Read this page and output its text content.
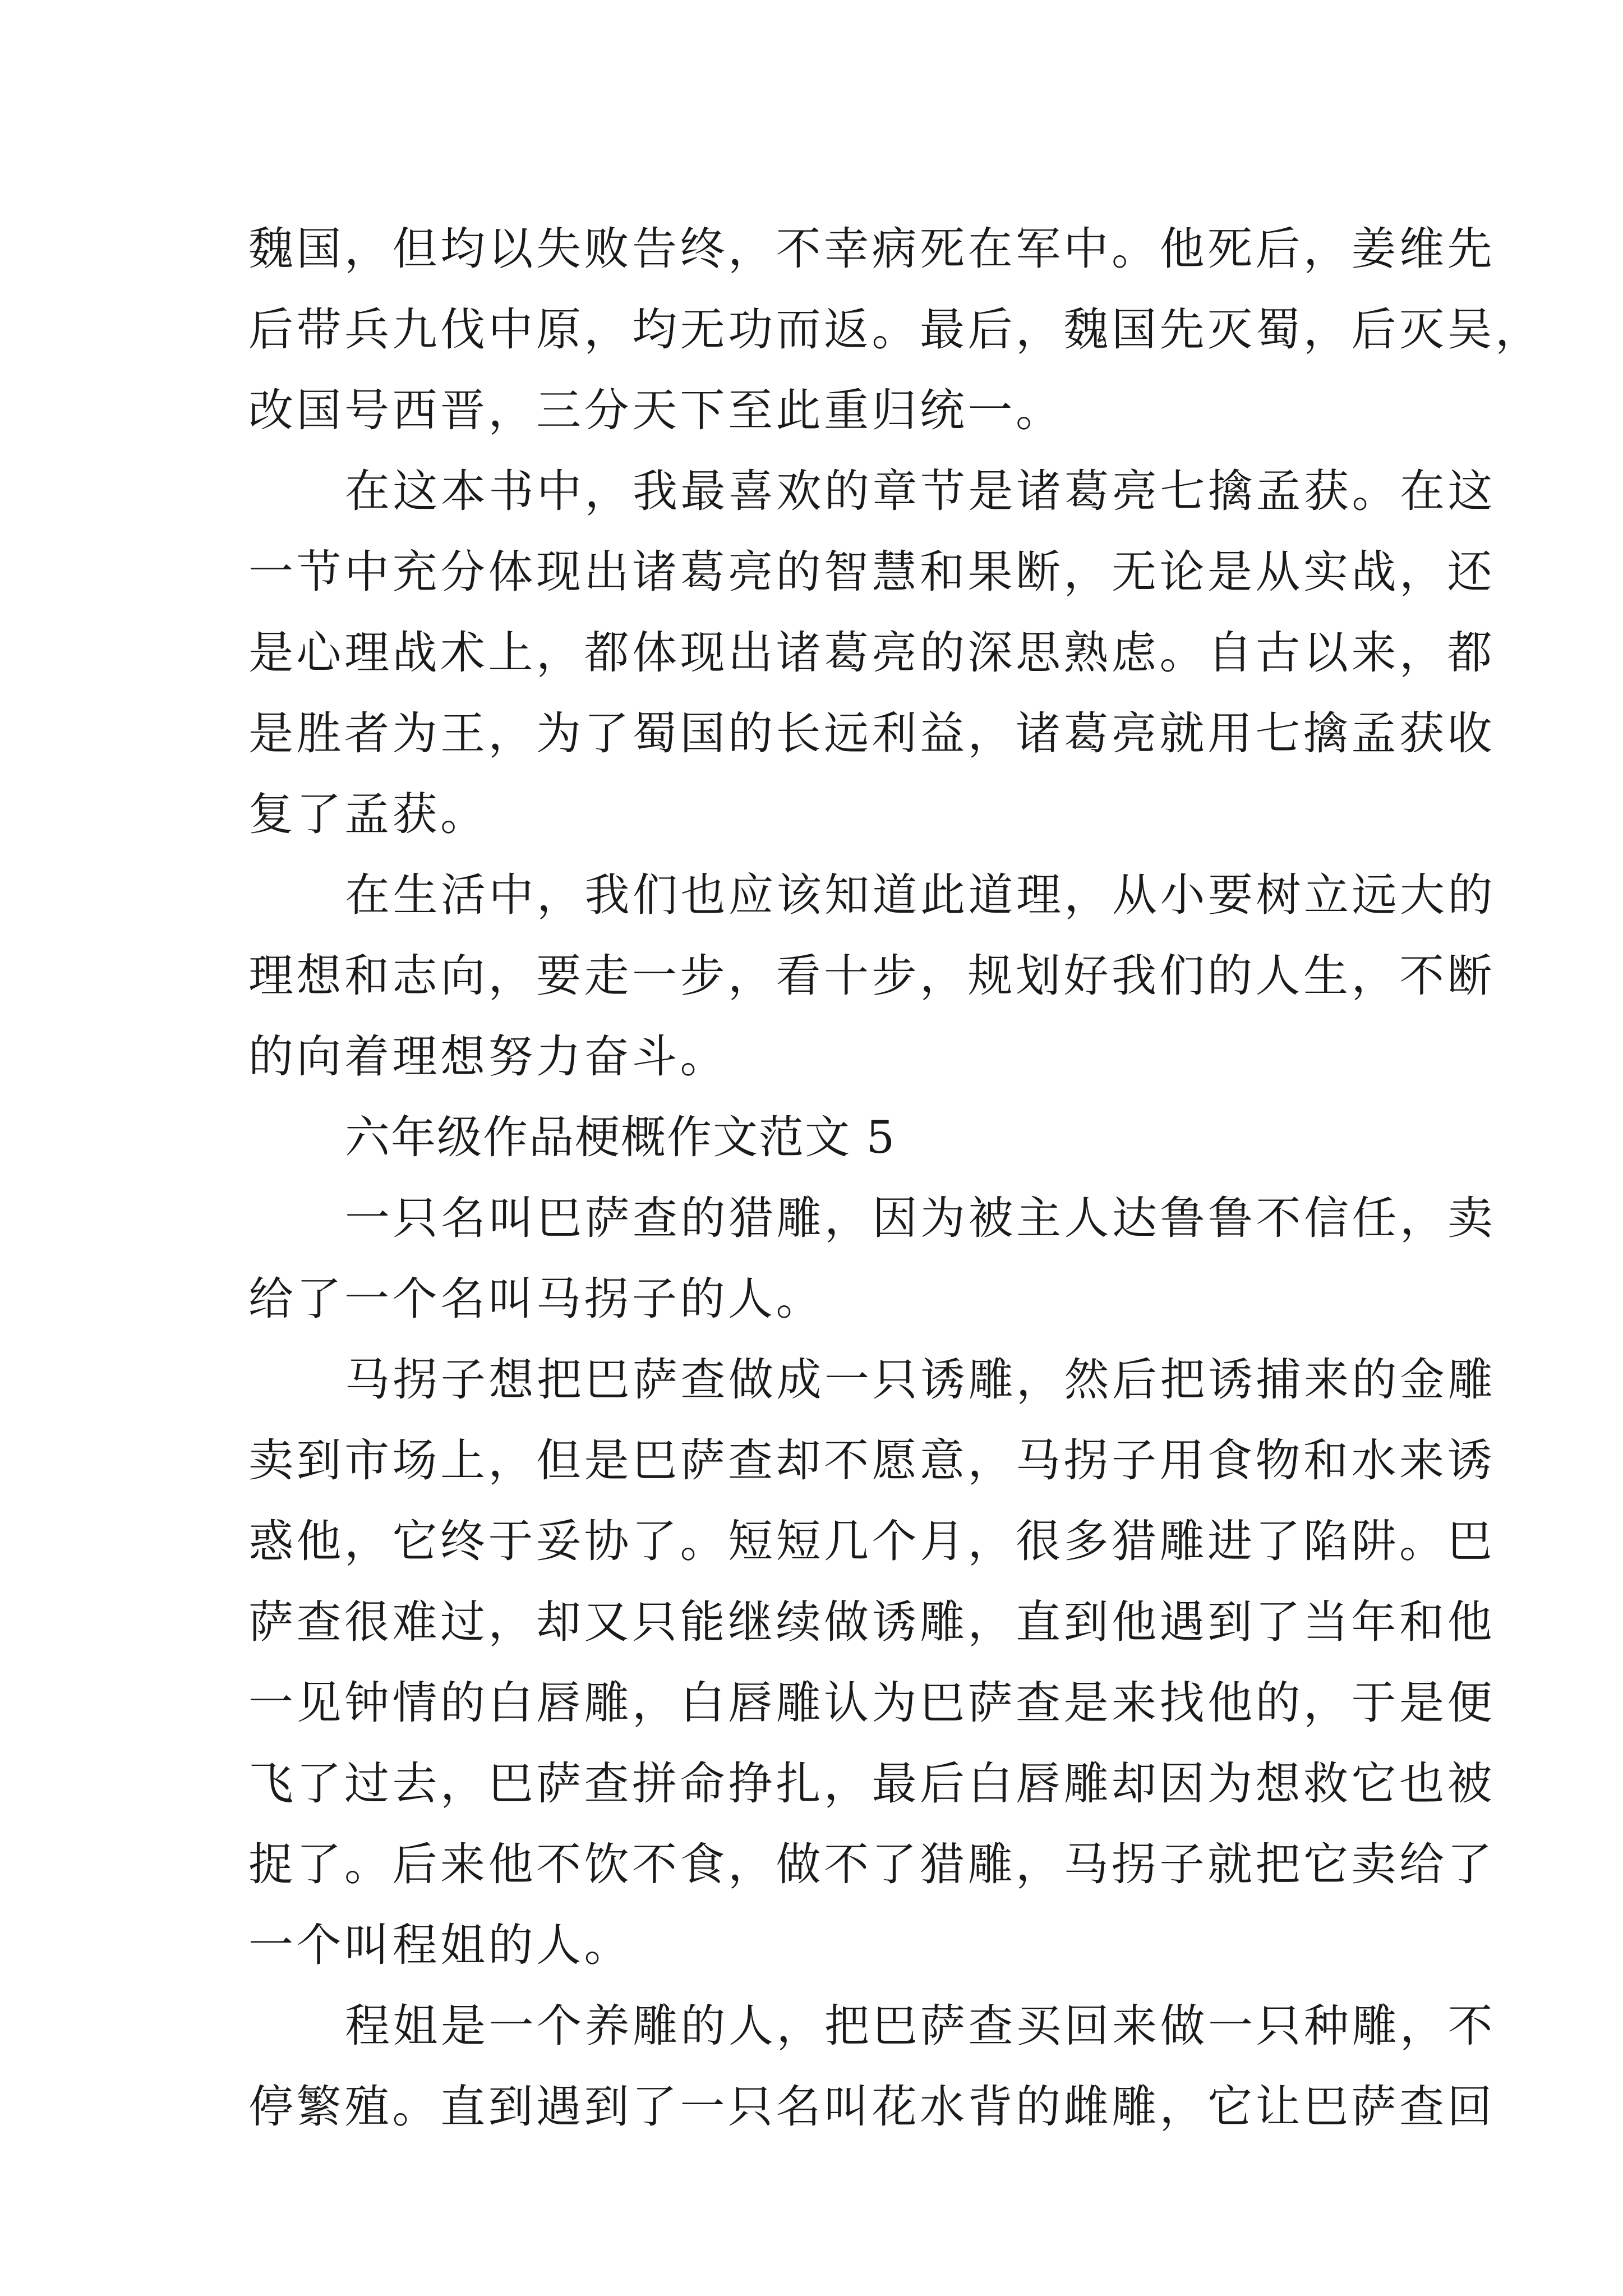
魏国，但均以失败告终，不幸病死在军中。他死后，姜维先
后带兵九伐中原，均无功而返。最后，魏国先灭蜀，后灭吴，
改国号西晋，三分天下至此重归统一。
在这本书中，我最喜欢的章节是诸葛亮七擒孟获。在这
一节中充分体现出诸葛亮的智慧和果断，无论是从实战，还
是心理战术上，都体现出诸葛亮的深思熟虑。自古以来，都
是胜者为王，为了蜀国的长远利益，诸葛亮就用七擒孟获收
复了孟获。
在生活中，我们也应该知道此道理，从小要树立远大的
理想和志向，要走一步，看十步，规划好我们的人生，不断
的向着理想努力奋斗。
六年级作品梗概作文范文 5
一只名叫巴萨查的猎雕，因为被主人达鲁鲁不信任，卖
给了一个名叫马拐子的人。
马拐子想把巴萨查做成一只诱雕，然后把诱捕来的金雕
卖到市场上，但是巴萨查却不愿意，马拐子用食物和水来诱
惑他，它终于妥协了。短短几个月，很多猎雕进了陷阱。巴
萨查很难过，却又只能继续做诱雕，直到他遇到了当年和他
一见钟情的白唇雕，白唇雕认为巴萨查是来找他的，于是便
飞了过去，巴萨查拼命挣扎，最后白唇雕却因为想救它也被
捉了。后来他不饮不食，做不了猎雕，马拐子就把它卖给了
一个叫程姐的人。
程姐是一个养雕的人，把巴萨查买回来做一只种雕，不
停繁殖。直到遇到了一只名叫花水背的雌雕，它让巴萨查回
